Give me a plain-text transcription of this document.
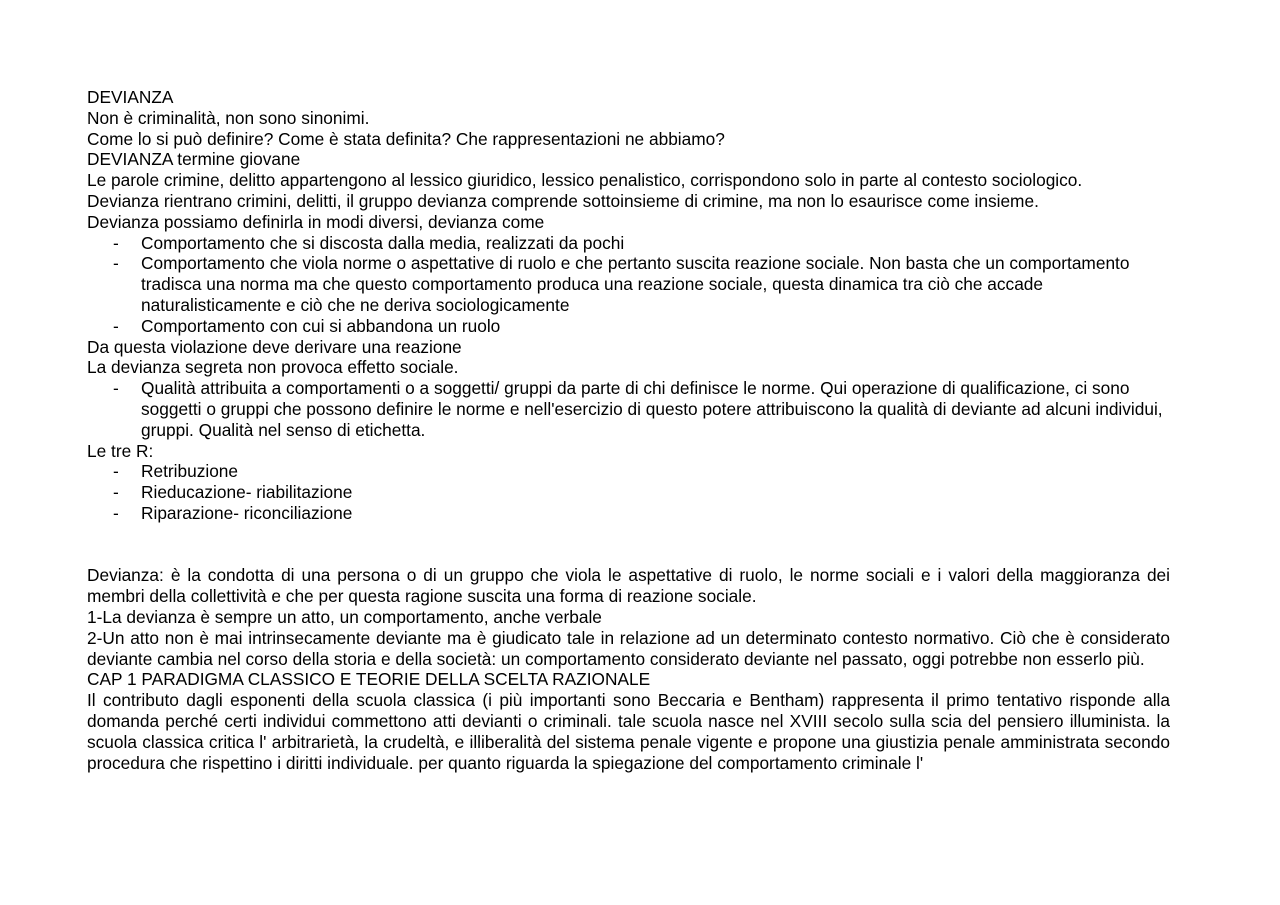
DEVIANZA

Non è criminalità, non sono sinonimi.

Come lo si può definire? Come è stata definita? Che rappresentazioni ne abbiamo?

DEVIANZA termine giovane

Le parole crimine, delitto appartengono al lessico giuridico, lessico penalistico, corrispondono solo in parte al contesto sociologico.

Devianza rientrano crimini, delitti, il gruppo devianza comprende sottoinsieme di crimine, ma non lo esaurisce come insieme.

Devianza possiamo definirla in modi diversi, devianza come

- Comportamento che si discosta dalla media, realizzati da pochi
- Comportamento che viola norme o aspettative di ruolo e che pertanto suscita reazione sociale. Non basta che un comportamento tradisca una norma ma che questo comportamento produca una reazione sociale, questa dinamica tra ciò che accade naturalisticamente e ciò che ne deriva sociologicamente
- Comportamento con cui si abbandona un ruolo

Da questa violazione deve derivare una reazione

La devianza segreta non provoca effetto sociale.

- Qualità attribuita a comportamenti o a soggetti/ gruppi da parte di chi definisce le norme. Qui operazione di qualificazione, ci sono soggetti o gruppi che possono definire le norme e nell'esercizio di questo potere attribuiscono la qualità di deviante ad alcuni individui, gruppi. Qualità nel senso di etichetta.

Le tre R:

- Retribuzione
- Rieducazione- riabilitazione
- Riparazione- riconciliazione

Devianza: è la condotta di una persona o di un gruppo che viola le aspettative di ruolo, le norme sociali e i valori della maggioranza dei membri della collettività e che per questa ragione suscita una forma di reazione sociale.

1-La devianza è sempre un atto, un comportamento, anche verbale

2-Un atto non è mai intrinsecamente deviante ma è giudicato tale in relazione ad un determinato contesto normativo. Ciò che è considerato deviante cambia nel corso della storia e della società: un comportamento considerato deviante nel passato, oggi potrebbe non esserlo più.

CAP 1 PARADIGMA CLASSICO E TEORIE DELLA SCELTA RAZIONALE

Il contributo dagli esponenti della scuola classica (i più importanti sono Beccaria e Bentham) rappresenta il primo tentativo risponde alla domanda perché certi individui commettono atti devianti o criminali. tale scuola nasce nel XVIII secolo sulla scia del pensiero illuminista. la scuola classica critica l' arbitrarietà, la crudeltà, e illiberalità del sistema penale vigente e propone una giustizia penale amministrata secondo procedura che rispettino i diritti individuale. per quanto riguarda la spiegazione del comportamento criminale l'
